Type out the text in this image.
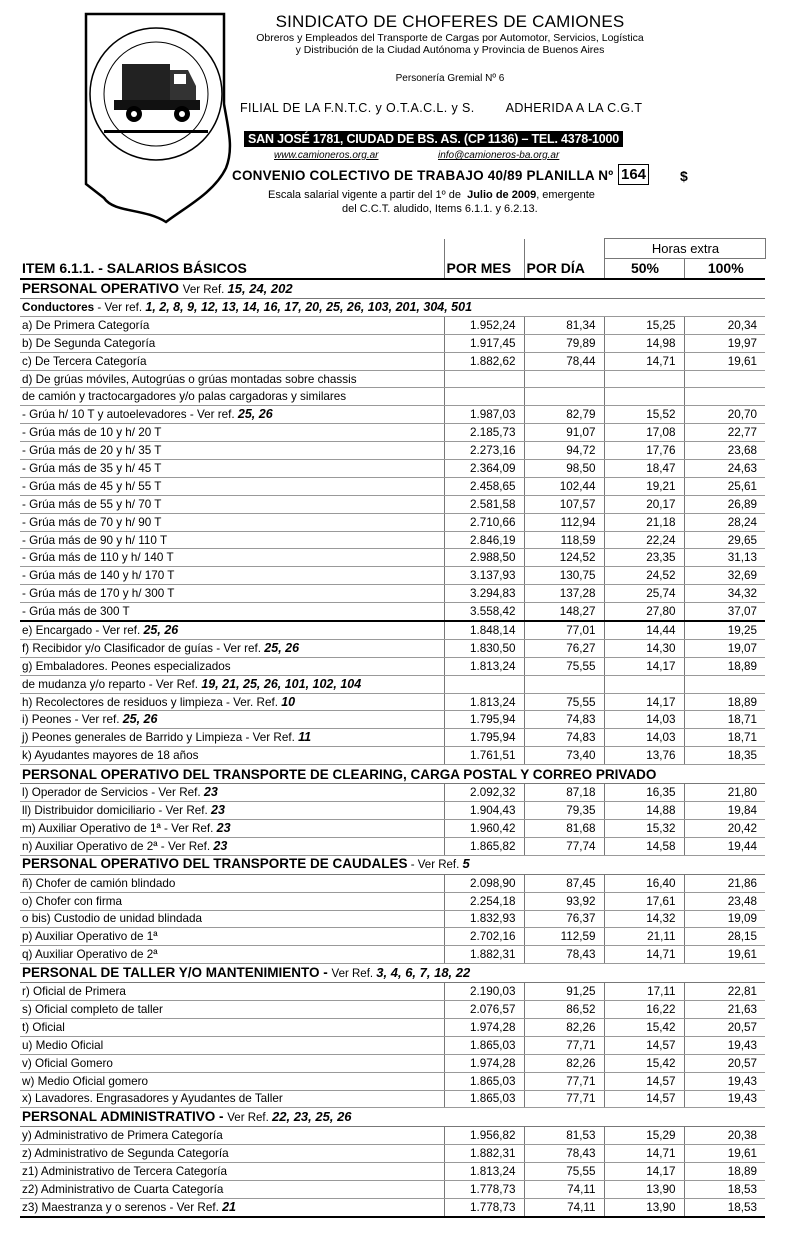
SINDICATO DE CHOFERES DE CAMIONES
Obreros y Empleados del Transporte de Cargas por Automotor, Servicios, Logística
y Distribución de la Ciudad Autónoma y Provincia de Buenos Aires
Personería Gremial Nº 6
FILIAL DE LA F.N.T.C. y O.T.A.C.L. y S. ADHERIDA A LA C.G.T
SAN JOSÉ 1781, CIUDAD DE BS. AS. (CP 1136) – TEL. 4378-1000
www.camioneros.org.ar	info@camioneros-ba.org.ar
CONVENIO COLECTIVO DE TRABAJO 40/89 PLANILLA Nº 164 $
Escala salarial vigente a partir del 1º de Julio de 2009, emergente
del C.C.T. aludido, Items 6.1.1. y 6.2.13.
			Horas extra	
ITEM 6.1.1. - SALARIOS BÁSICOS	POR MES	POR DÍA	50%	100%
PERSONAL OPERATIVO Ver Ref. 15, 24, 202				
Conductores - Ver ref. 1, 2, 8, 9, 12, 13, 14, 16, 17, 20, 25, 26, 103, 201, 304, 501				
a) De Primera Categoría	1.952,24	81,34	15,25	20,34
b) De Segunda Categoría	1.917,45	79,89	14,98	19,97
c) De Tercera Categoría	1.882,62	78,44	14,71	19,61
d) De grúas móviles, Autogrúas o grúas montadas sobre chassis				
de camión y tractocargadores y/o palas cargadoras y similares				
- Grúa h/ 10 T y autoelevadores - Ver ref. 25, 26	1.987,03	82,79	15,52	20,70
- Grúa más de 10 y h/ 20 T	2.185,73	91,07	17,08	22,77
- Grúa más de 20 y h/ 35 T	2.273,16	94,72	17,76	23,68
- Grúa más de 35 y h/ 45 T	2.364,09	98,50	18,47	24,63
- Grúa más de 45 y h/ 55 T	2.458,65	102,44	19,21	25,61
- Grúa más de 55 y h/ 70 T	2.581,58	107,57	20,17	26,89
- Grúa más de 70 y h/ 90 T	2.710,66	112,94	21,18	28,24
- Grúa más de 90 y h/ 110 T	2.846,19	118,59	22,24	29,65
- Grúa más de 110 y h/ 140 T	2.988,50	124,52	23,35	31,13
- Grúa más de 140 y h/ 170 T	3.137,93	130,75	24,52	32,69
- Grúa más de 170 y h/ 300 T	3.294,83	137,28	25,74	34,32
- Grúa más de 300 T	3.558,42	148,27	27,80	37,07
e) Encargado - Ver ref. 25, 26	1.848,14	77,01	14,44	19,25
f) Recibidor y/o Clasificador de guías - Ver ref. 25, 26	1.830,50	76,27	14,30	19,07
g) Embaladores. Peones especializados	1.813,24	75,55	14,17	18,89
de mudanza y/o reparto - Ver Ref. 19, 21, 25, 26, 101, 102, 104				
h) Recolectores de residuos y limpieza - Ver. Ref. 10	1.813,24	75,55	14,17	18,89
i) Peones - Ver ref. 25, 26	1.795,94	74,83	14,03	18,71
j) Peones generales de Barrido y Limpieza - Ver Ref. 11	1.795,94	74,83	14,03	18,71
k) Ayudantes mayores de 18 años	1.761,51	73,40	13,76	18,35
PERSONAL OPERATIVO DEL TRANSPORTE DE CLEARING, CARGA POSTAL Y CORREO PRIVADO				
l) Operador de Servicios - Ver Ref. 23	2.092,32	87,18	16,35	21,80
ll) Distribuidor domiciliario - Ver Ref. 23	1.904,43	79,35	14,88	19,84
m) Auxiliar Operativo de 1ª - Ver Ref. 23	1.960,42	81,68	15,32	20,42
n) Auxiliar Operativo de 2ª - Ver Ref. 23	1.865,82	77,74	14,58	19,44
PERSONAL OPERATIVO DEL TRANSPORTE DE CAUDALES - Ver Ref. 5				
ñ) Chofer de camión blindado	2.098,90	87,45	16,40	21,86
o) Chofer con firma	2.254,18	93,92	17,61	23,48
o bis) Custodio de unidad blindada	1.832,93	76,37	14,32	19,09
p) Auxiliar Operativo de 1ª	2.702,16	112,59	21,11	28,15
q) Auxiliar Operativo de 2ª	1.882,31	78,43	14,71	19,61
PERSONAL DE TALLER Y/O MANTENIMIENTO - Ver Ref. 3, 4, 6, 7, 18, 22				
r) Oficial de Primera	2.190,03	91,25	17,11	22,81
s) Oficial completo de taller	2.076,57	86,52	16,22	21,63
t) Oficial	1.974,28	82,26	15,42	20,57
u) Medio Oficial	1.865,03	77,71	14,57	19,43
v) Oficial Gomero	1.974,28	82,26	15,42	20,57
w) Medio Oficial gomero	1.865,03	77,71	14,57	19,43
x) Lavadores. Engrasadores y Ayudantes de Taller	1.865,03	77,71	14,57	19,43
PERSONAL ADMINISTRATIVO - Ver Ref. 22, 23, 25, 26				
y) Administrativo de Primera Categoría	1.956,82	81,53	15,29	20,38
z) Administrativo de Segunda Categoría	1.882,31	78,43	14,71	19,61
z1) Administrativo de Tercera Categoría	1.813,24	75,55	14,17	18,89
z2) Administrativo de Cuarta Categoría	1.778,73	74,11	13,90	18,53
z3) Maestranza y o serenos - Ver Ref. 21	1.778,73	74,11	13,90	18,53
